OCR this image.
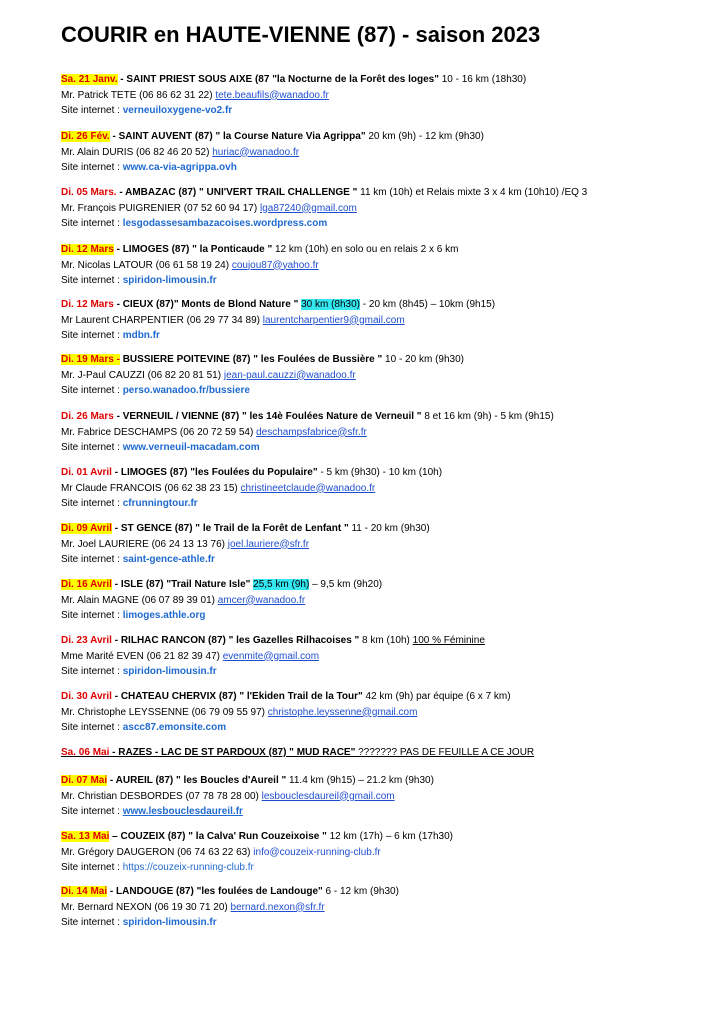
COURIR en HAUTE-VIENNE (87) - saison 2023
Sa. 21 Janv. - SAINT PRIEST SOUS AIXE (87 "la Nocturne de la Forêt des loges" 10 - 16 km (18h30)
Mr. Patrick TETE (06 86 62 31 22) tete.beaufils@wanadoo.fr
Site internet : verneuiloxygene-vo2.fr
Di. 26 Fév. - SAINT AUVENT (87) " la Course Nature Via Agrippa" 20 km (9h) - 12 km (9h30)
Mr. Alain DURIS (06 82 46 20 52) huriac@wanadoo.fr
Site internet : www.ca-via-agrippa.ovh
Di. 05 Mars. - AMBAZAC (87) " UNI'VERT TRAIL CHALLENGE " 11 km (10h) et Relais mixte 3 x 4 km (10h10) /EQ 3
Mr. François PUIGRENIER (07 52 60 94 17) lga87240@gmail.com
Site internet : lesgodassesambazacoises.wordpress.com
Di. 12 Mars - LIMOGES (87) " la Ponticaude " 12 km (10h) en solo ou en relais 2 x 6 km
Mr. Nicolas LATOUR (06 61 58 19 24) coujou87@yahoo.fr
Site internet : spiridon-limousin.fr
Di. 12 Mars - CIEUX (87)" Monts de Blond Nature " 30 km (8h30) - 20 km (8h45) – 10km (9h15)
Mr Laurent CHARPENTIER (06 29 77 34 89) laurentcharpentier9@gmail.com
Site internet : mdbn.fr
Di. 19 Mars - BUSSIERE POITEVINE (87) " les Foulées de Bussière " 10 - 20 km (9h30)
Mr. J-Paul CAUZZI (06 82 20 81 51) jean-paul.cauzzi@wanadoo.fr
Site internet : perso.wanadoo.fr/bussiere
Di. 26 Mars - VERNEUIL / VIENNE (87) " les 14è Foulées Nature de Verneuil " 8 et 16 km (9h) - 5 km (9h15)
Mr. Fabrice DESCHAMPS (06 20 72 59 54) deschampsfabrice@sfr.fr
Site internet : www.verneuil-macadam.com
Di. 01 Avril - LIMOGES (87) "les Foulées du Populaire" - 5 km (9h30) - 10 km (10h)
Mr Claude FRANCOIS (06 62 38 23 15) christineetclaude@wanadoo.fr
Site internet : cfrunningtour.fr
Di. 09 Avril - ST GENCE (87) " le Trail de la Forêt de Lenfant " 11 - 20 km (9h30)
Mr. Joel LAURIERE (06 24 13 13 76) joel.lauriere@sfr.fr
Site internet : saint-gence-athle.fr
Di. 16 Avril - ISLE (87) "Trail Nature Isle" 25,5 km (9h) – 9,5 km (9h20)
Mr. Alain MAGNE (06 07 89 39 01) amcer@wanadoo.fr
Site internet : limoges.athle.org
Di. 23 Avril - RILHAC RANCON (87) " les Gazelles Rilhacoises " 8 km (10h) 100 % Féminine
Mme Marité EVEN (06 21 82 39 47) evenmite@gmail.com
Site internet : spiridon-limousin.fr
Di. 30 Avril - CHATEAU CHERVIX (87) " l'Ekiden Trail de la Tour" 42 km (9h) par équipe (6 x 7 km)
Mr. Christophe LEYSSENNE (06 79 09 55 97) christophe.leyssenne@gmail.com
Site internet : ascc87.emonsite.com
Sa. 06 Mai - RAZES - LAC DE ST PARDOUX (87) " MUD RACE" ??????? PAS DE FEUILLE A CE JOUR
Di. 07 Mai - AUREIL (87) " les Boucles d'Aureil " 11.4 km (9h15) – 21.2 km (9h30)
Mr. Christian DESBORDES (07 78 78 28 00) lesbouclesdaureil@gmail.com
Site internet : www.lesbouclesdaureil.fr
Sa. 13 Mai – COUZEIX (87) " la Calva' Run Couzeixoise " 12 km (17h) – 6 km (17h30)
Mr. Grégory DAUGERON (06 74 63 22 63) info@couzeix-running-club.fr
Site internet : https://couzeix-running-club.fr
Di. 14 Mai - LANDOUGE (87) "les foulées de Landouge" 6 - 12 km (9h30)
Mr. Bernard NEXON (06 19 30 71 20) bernard.nexon@sfr.fr
Site internet : spiridon-limousin.fr
